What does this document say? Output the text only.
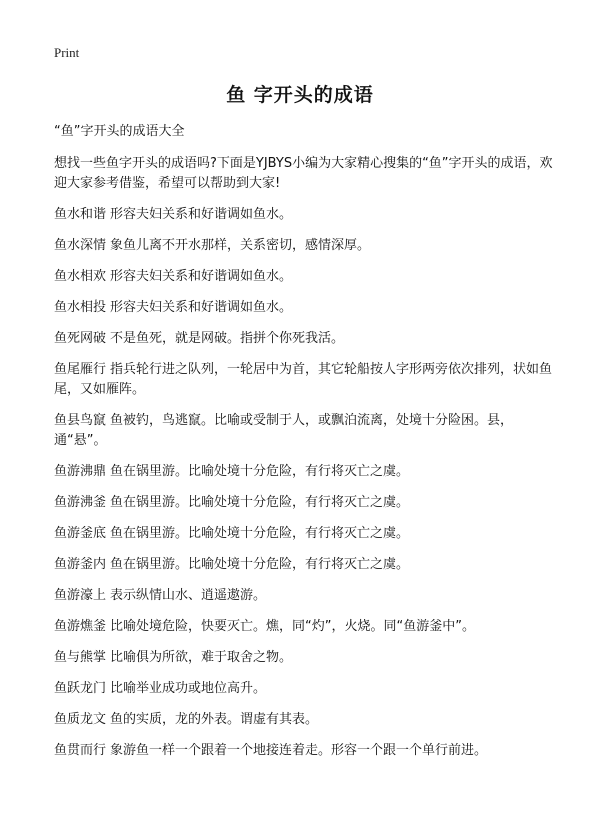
Print
鱼 字开头的成语
“鱼”字开头的成语大全
想找一些鱼字开头的成语吗?下面是YJBYS小编为大家精心搜集的“鱼”字开头的成语，欢迎大家参考借鉴，希望可以帮助到大家!
鱼水和谐 形容夫妇关系和好谐调如鱼水。
鱼水深情 象鱼儿离不开水那样，关系密切，感情深厚。
鱼水相欢 形容夫妇关系和好谐调如鱼水。
鱼水相投 形容夫妇关系和好谐调如鱼水。
鱼死网破 不是鱼死，就是网破。指拼个你死我活。
鱼尾雁行 指兵轮行进之队列，一轮居中为首，其它轮船按人字形两旁依次排列，状如鱼尾，又如雁阵。
鱼县鸟竄 鱼被钓，鸟逃竄。比喻或受制于人，或飘泊流离，处境十分险困。县，通“悬”。
鱼游沸鼎 鱼在锅里游。比喻处境十分危险，有行将灭亡之虞。
鱼游沸釜 鱼在锅里游。比喻处境十分危险，有行将灭亡之虞。
鱼游釜底 鱼在锅里游。比喻处境十分危险，有行将灭亡之虞。
鱼游釜内 鱼在锅里游。比喻处境十分危险，有行将灭亡之虞。
鱼游濠上 表示纵情山水、逍遥遨游。
鱼游燋釜 比喻处境危险，快要灭亡。燋，同“灼”，火烧。同“鱼游釜中”。
鱼与熊掌 比喻俱为所欲，难于取舍之物。
鱼跃龙门 比喻举业成功或地位高升。
鱼质龙文 鱼的实质，龙的外表。谓虚有其表。
鱼贯而行 象游鱼一样一个跟着一个地接连着走。形容一个跟一个单行前进。
